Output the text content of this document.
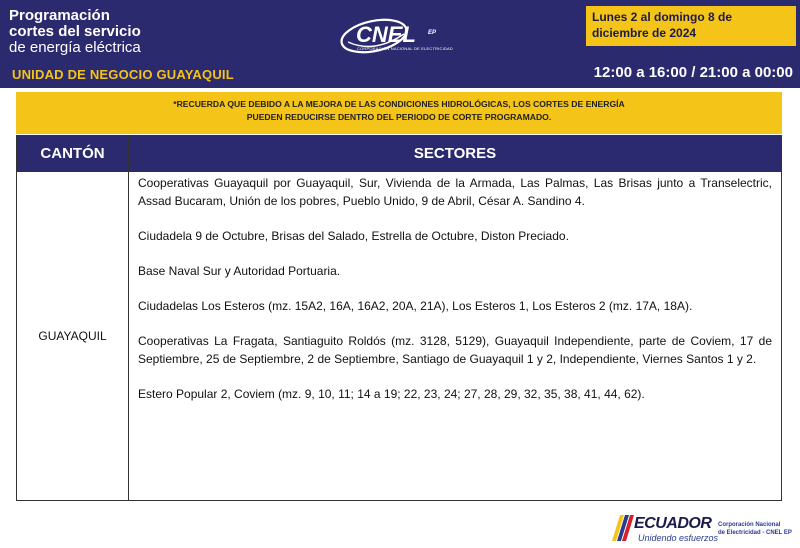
Programación
cortes del servicio
de energía eléctrica
UNIDAD DE NEGOCIO GUAYAQUIL
CNEL EP
CORPORACIÓN NACIONAL DE ELECTRICIDAD
Lunes 2 al domingo 8 de diciembre de 2024
12:00 a 16:00 / 21:00 a 00:00
*RECUERDA QUE DEBIDO A LA MEJORA DE LAS CONDICIONES HIDROLÓGICAS, LOS CORTES DE ENERGÍA
PUEDEN REDUCIRSE DENTRO DEL PERIODO DE CORTE PROGRAMADO.
CANTÓN	SECTORES
GUAYAQUIL

Cooperativas Guayaquil por Guayaquil, Sur, Vivienda de la Armada, Las Palmas, Las Brisas junto a Transelectric, Assad Bucaram, Unión de los pobres, Pueblo Unido, 9 de Abril, César A. Sandino 4.

Ciudadela 9 de Octubre, Brisas del Salado, Estrella de Octubre, Diston Preciado.

Base Naval Sur y Autoridad Portuaria.

Ciudadelas Los Esteros (mz. 15A2, 16A, 16A2, 20A, 21A), Los Esteros 1, Los Esteros 2 (mz. 17A, 18A).

Cooperativas La Fragata, Santiaguito Roldós (mz. 3128, 5129), Guayaquil Independiente, parte de Coviem, 17 de Septiembre, 25 de Septiembre, 2 de Septiembre, Santiago de Guayaquil 1 y 2, Independiente, Viernes Santos 1 y 2.

Estero Popular 2, Coviem (mz. 9, 10, 11; 14 a 19; 22, 23, 24; 27, 28, 29, 32, 35, 38, 41, 44, 62).

ECUADOR
Unidendo esfuerzos
Corporación Nacional
de Electricidad - CNEL EP
